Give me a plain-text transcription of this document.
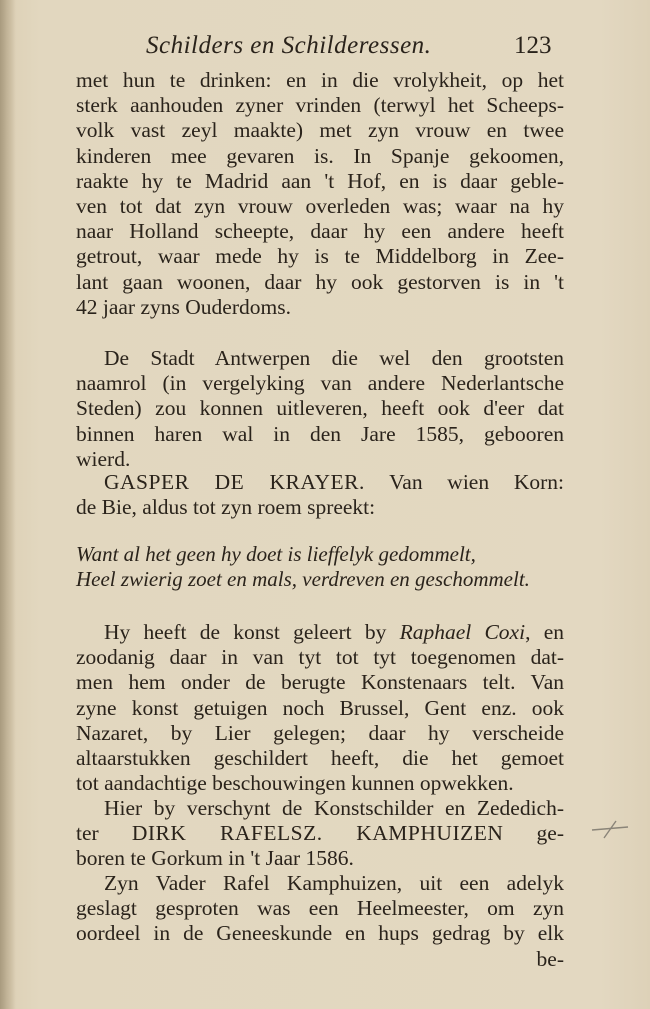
Schilders en Schilderessen.	123
met hun te drinken: en in die vrolykheit, op het
sterk aanhouden zyner vrinden (terwyl het Scheeps-
volk vast zeyl maakte) met zyn vrouw en twee
kinderen mee gevaren is. In Spanje gekoomen,
raakte hy te Madrid aan 't Hof, en is daar geble-
ven tot dat zyn vrouw overleden was; waar na hy
naar Holland scheepte, daar hy een andere heeft
getrout, waar mede hy is te Middelborg in Zee-
lant gaan woonen, daar hy ook gestorven is in 't
42 jaar zyns Ouderdoms.
De Stadt Antwerpen die wel den grootsten
naamrol (in vergelyking van andere Nederlantsche
Steden) zou konnen uitleveren, heeft ook d'eer dat
binnen haren wal in den Jare 1585, gebooren
wierd.
GASPER DE KRAYER. Van wien Korn:
de Bie, aldus tot zyn roem spreekt:
Want al het geen hy doet is lieffelyk gedommelt,
Heel zwierig zoet en mals, verdreven en geschommelt.
Hy heeft de konst geleert by Raphael Coxi, en
zoodanig daar in van tyt tot tyt toegenomen dat-
men hem onder de berugte Konstenaars telt. Van
zyne konst getuigen noch Brussel, Gent enz. ook
Nazaret, by Lier gelegen; daar hy verscheide
altaarstukken geschildert heeft, die het gemoet
tot aandachtige beschouwingen kunnen opwekken.
Hier by verschynt de Konstschilder en Zededich-
ter DIRK RAFELSZ. KAMPHUIZEN ge-
boren te Gorkum in 't Jaar 1586.
Zyn Vader Rafel Kamphuizen, uit een adelyk
geslagt gesproten was een Heelmeester, om zyn
oordeel in de Geneeskunde en hups gedrag by elk
be-
